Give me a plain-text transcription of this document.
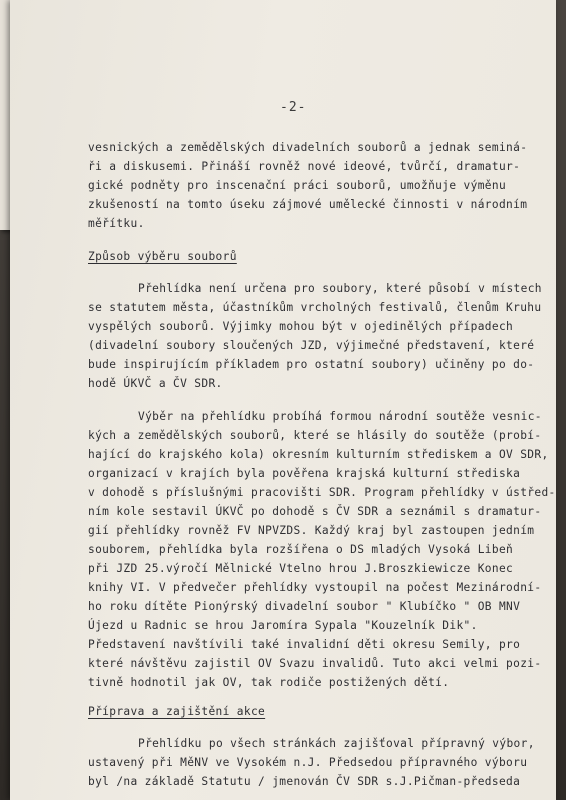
-2-
vesnických a zemědělských divadelních souborů a jednak seminá-
ři a diskusemi. Přináší rovněž nové ideové, tvůrčí, dramatur-
gické podněty pro inscenační práci souborů, umožňuje výměnu
zkušeností na tomto úseku zájmové umělecké činnosti v národním
měřítku.
Způsob výběru souborů
Přehlídka není určena pro soubory, které působí v místech
se statutem města, účastníkům vrcholných festivalů, členům Kruhu
vyspělých souborů. Výjimky mohou být v ojedinělých případech
(divadelní soubory sloučených JZD, výjimečné představení, které
bude inspirujícím příkladem pro ostatní soubory) učiněny po do-
hodě ÚKVČ a ČV SDR.
Výběr na přehlídku probíhá formou národní soutěže vesnic-
kých a zemědělských souborů, které se hlásily do soutěže (probí-
hající do krajského kola) okresním kulturním střediskem a OV SDR,
organizací v krajích byla pověřena krajská kulturní střediska
v dohodě s příslušnými pracovišti SDR. Program přehlídky v ústřed-
ním kole sestavil ÚKVČ po dohodě s ČV SDR a seznámil s dramatur-
gií přehlídky rovněž FV NPVZDS. Každý kraj byl zastoupen jedním
souborem, přehlídka byla rozšířena o DS mladých Vysoká Libeň
při JZD 25.výročí Mělnické Vtelno hrou J.Broszkiewicze Konec
knihy VI. V předvečer přehlídky vystoupil na počest Mezinárodní-
ho roku dítěte Pionýrský divadelní soubor " Klubíčko " OB MNV
Újezd u Radnic se hrou Jaromíra Sypala "Kouzelník Dik".
Představení navštívili také invalidní děti okresu Semily, pro
které návštěvu zajistil OV Svazu invalidů. Tuto akci velmi pozi-
tivně hodnotil jak OV, tak rodiče postižených dětí.
Příprava a zajištění akce
Přehlídku po všech stránkách zajišťoval přípravný výbor,
ustavený při MěNV ve Vysokém n.J. Předsedou přípravného výboru
byl /na základě Statutu / jmenován ČV SDR s.J.Pičman-předseda
